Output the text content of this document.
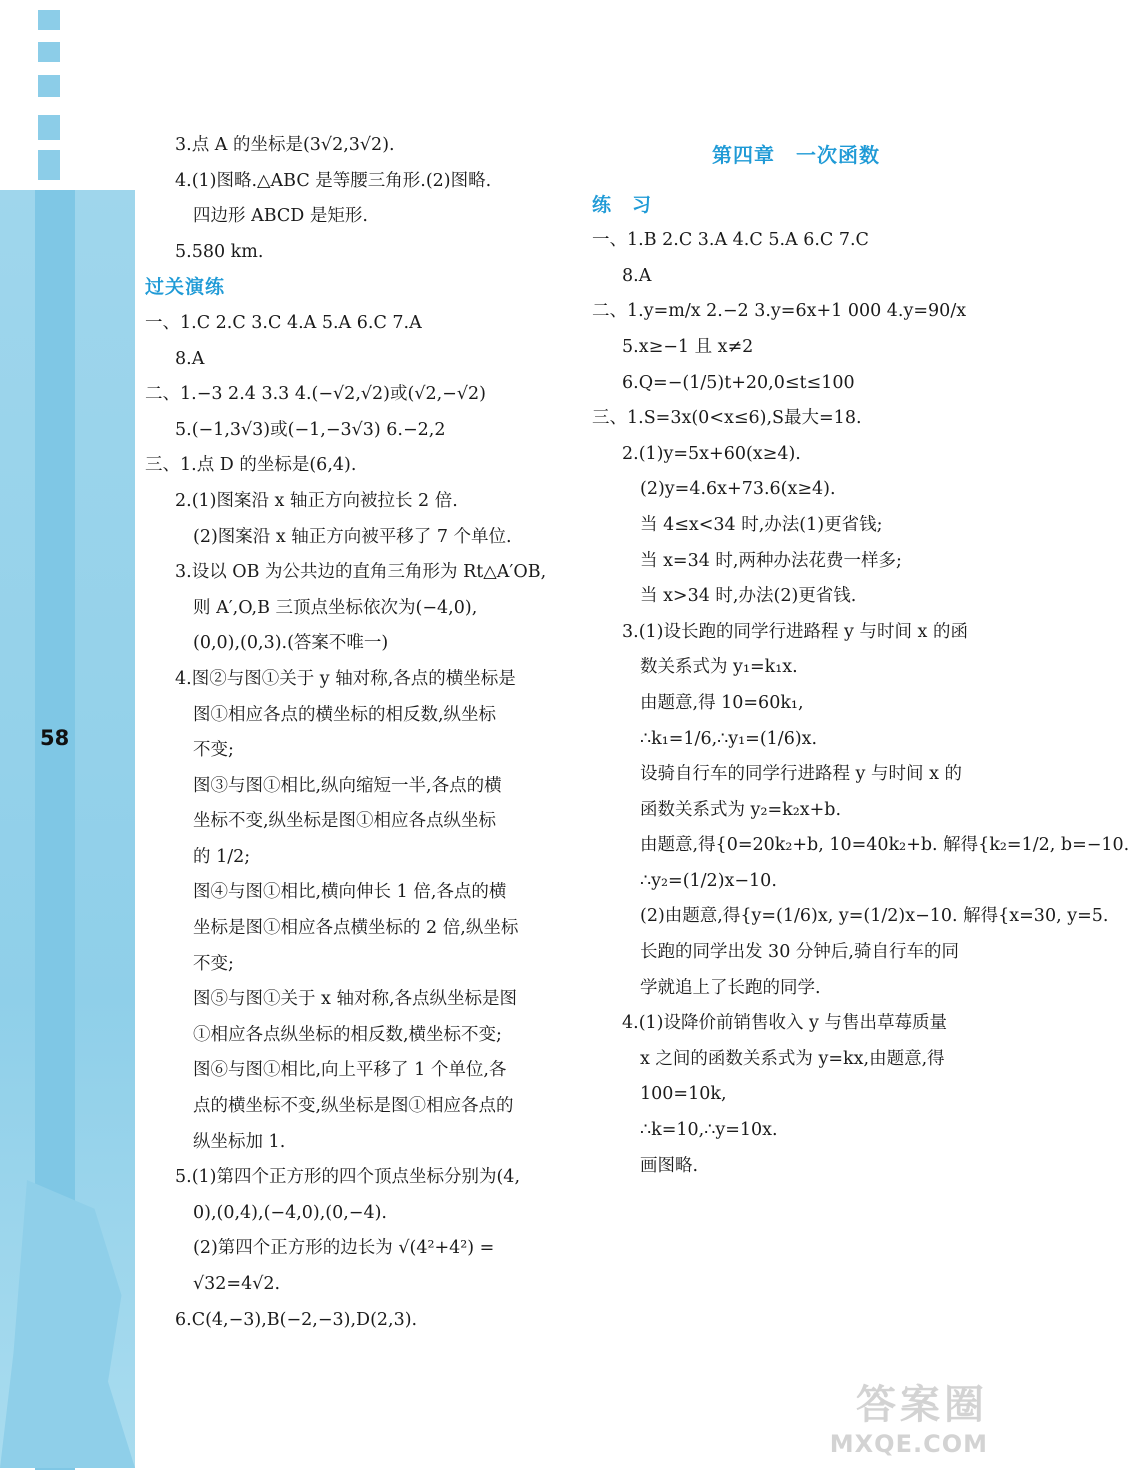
58
3.点 A 的坐标是(3√2,3√2).
4.(1)图略.△ABC 是等腰三角形.(2)图略.
四边形 ABCD 是矩形.
5.580 km.
过关演练
一、1.C 2.C 3.C 4.A 5.A 6.C 7.A
8.A
二、1.−3 2.4 3.3 4.(−√2,√2)或(√2,−√2)
5.(−1,3√3)或(−1,−3√3) 6.−2,2
三、1.点 D 的坐标是(6,4).
2.(1)图案沿 x 轴正方向被拉长 2 倍.
(2)图案沿 x 轴正方向被平移了 7 个单位.
3.设以 OB 为公共边的直角三角形为 Rt△A′OB,
则 A′,O,B 三顶点坐标依次为(−4,0),
(0,0),(0,3).(答案不唯一)
4.图②与图①关于 y 轴对称,各点的横坐标是
图①相应各点的横坐标的相反数,纵坐标
不变;
图③与图①相比,纵向缩短一半,各点的横
坐标不变,纵坐标是图①相应各点纵坐标
的 1/2;
图④与图①相比,横向伸长 1 倍,各点的横
坐标是图①相应各点横坐标的 2 倍,纵坐标
不变;
图⑤与图①关于 x 轴对称,各点纵坐标是图
①相应各点纵坐标的相反数,横坐标不变;
图⑥与图①相比,向上平移了 1 个单位,各
点的横坐标不变,纵坐标是图①相应各点的
纵坐标加 1.
5.(1)第四个正方形的四个顶点坐标分别为(4,
0),(0,4),(−4,0),(0,−4).
(2)第四个正方形的边长为 √(4²+4²) =
√32=4√2.
6.C(4,−3),B(−2,−3),D(2,3).
第四章　一次函数
练　习
一、1.B 2.C 3.A 4.C 5.A 6.C 7.C
8.A
二、1.y=m/x 2.−2 3.y=6x+1 000 4.y=90/x
5.x≥−1 且 x≠2
6.Q=−(1/5)t+20,0≤t≤100
三、1.S=3x(0<x≤6),S最大=18.
2.(1)y=5x+60(x≥4).
(2)y=4.6x+73.6(x≥4).
当 4≤x<34 时,办法(1)更省钱;
当 x=34 时,两种办法花费一样多;
当 x>34 时,办法(2)更省钱.
3.(1)设长跑的同学行进路程 y 与时间 x 的函
数关系式为 y₁=k₁x.
由题意,得 10=60k₁,
∴k₁=1/6,∴y₁=(1/6)x.
设骑自行车的同学行进路程 y 与时间 x 的
函数关系式为 y₂=k₂x+b.
由题意,得{0=20k₂+b, 10=40k₂+b. 解得{k₂=1/2, b=−10.
∴y₂=(1/2)x−10.
(2)由题意,得{y=(1/6)x, y=(1/2)x−10. 解得{x=30, y=5.
长跑的同学出发 30 分钟后,骑自行车的同
学就追上了长跑的同学.
4.(1)设降价前销售收入 y 与售出草莓质量
x 之间的函数关系式为 y=kx,由题意,得
100=10k,
∴k=10,∴y=10x.
画图略.
答案圈
MXQE.COM
